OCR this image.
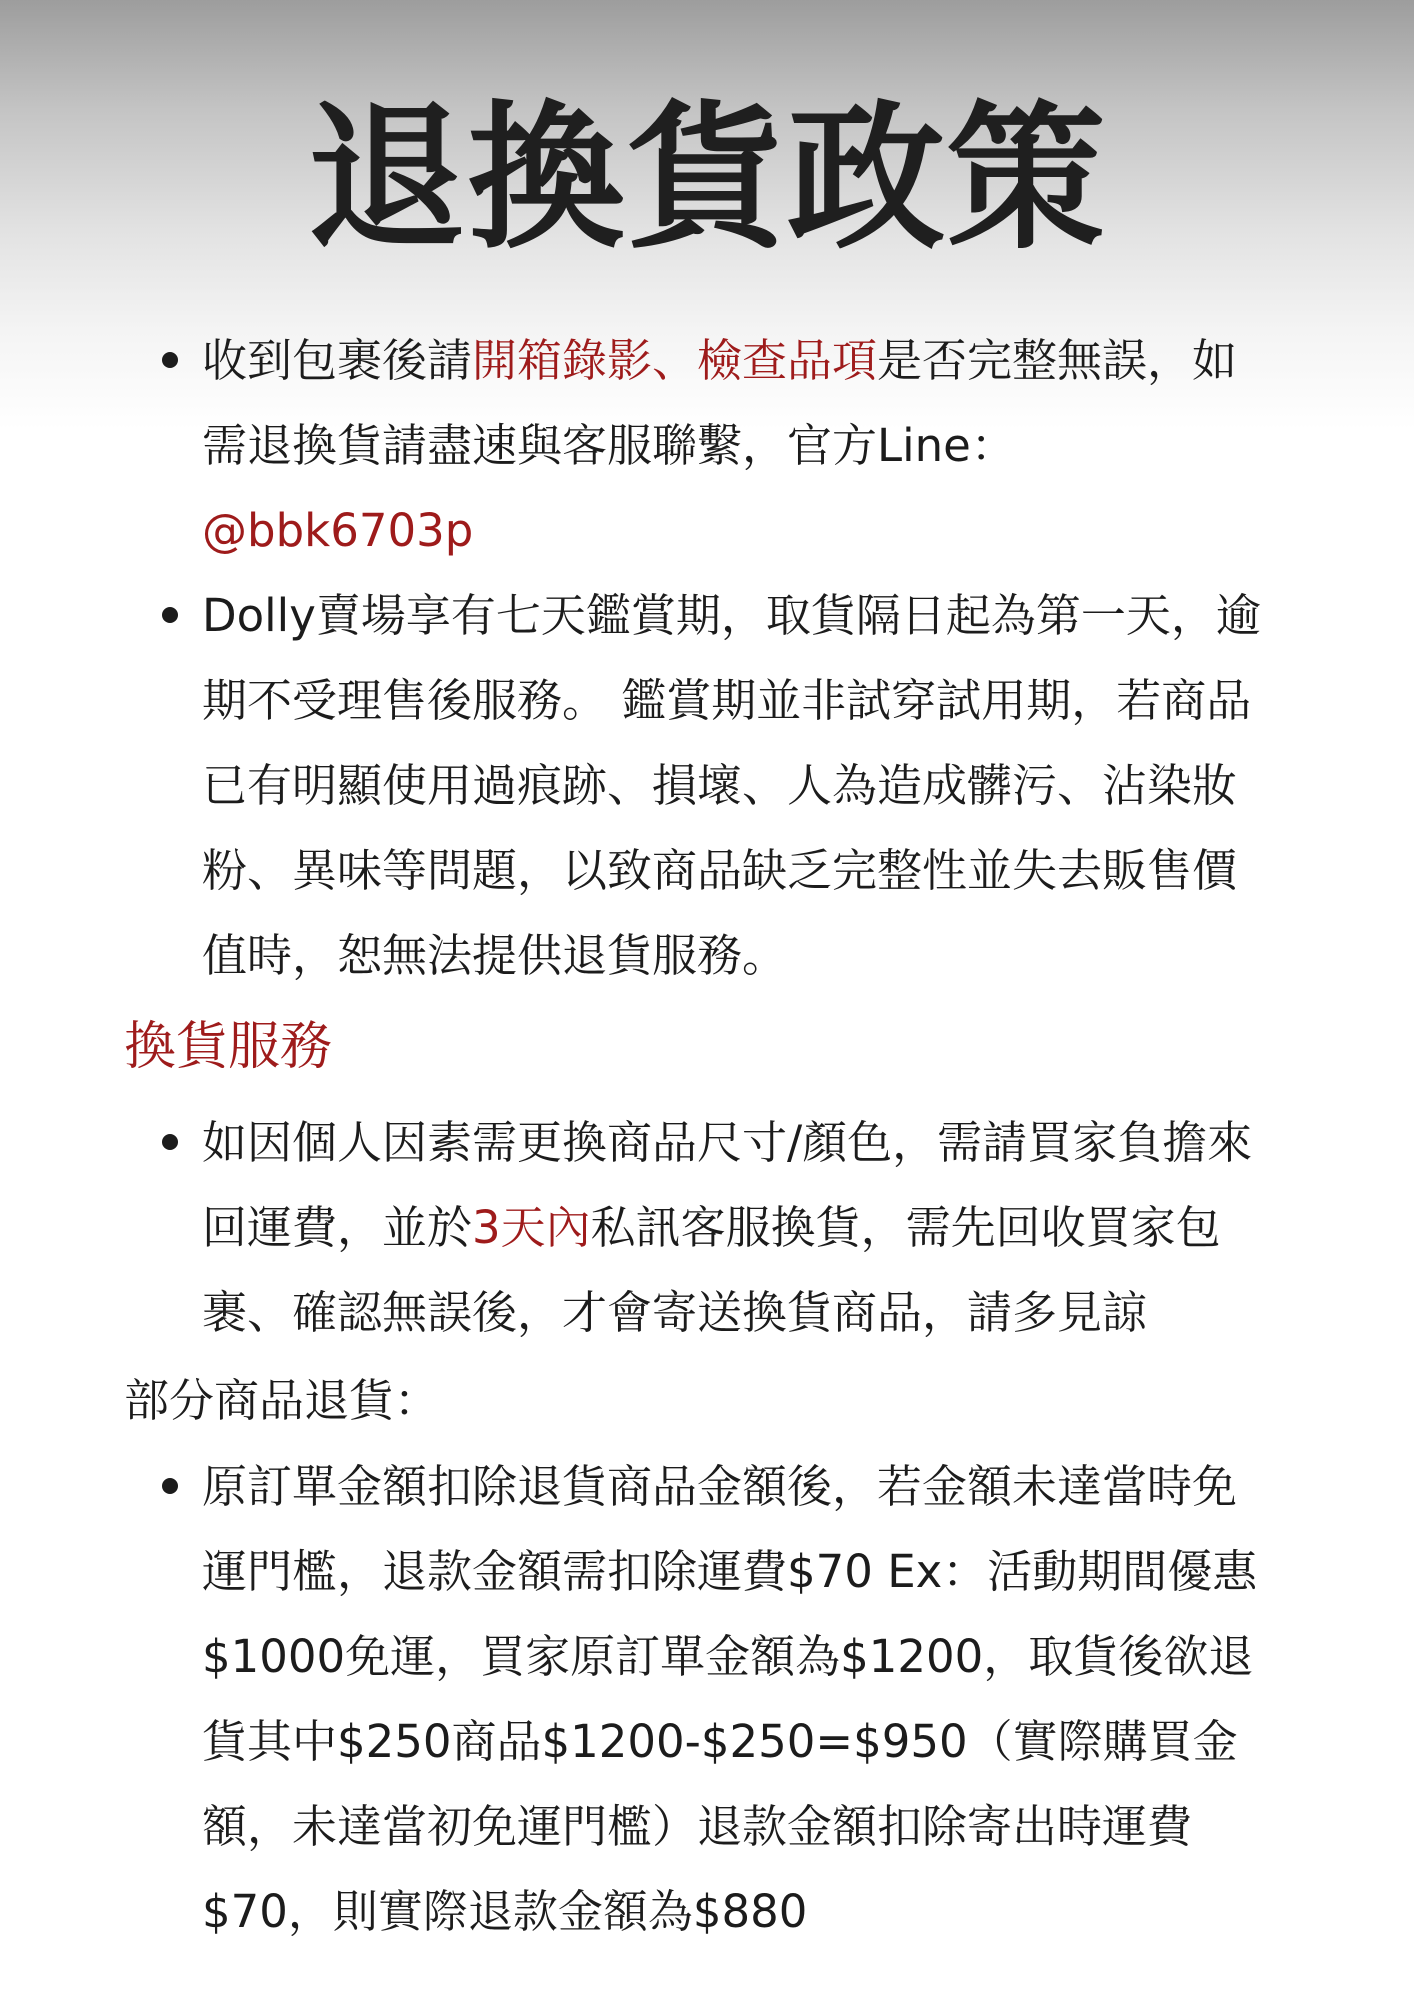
退換貨政策
收到包裹後請開箱錄影、檢查品項是否完整無誤，如
需退換貨請盡速與客服聯繫，官方Line：
@bbk6703p
Dolly賣場享有七天鑑賞期，取貨隔日起為第一天，逾
期不受理售後服務。 鑑賞期並非試穿試用期，若商品
已有明顯使用過痕跡、損壞、人為造成髒污、沾染妝
粉、異味等問題，以致商品缺乏完整性並失去販售價
值時，恕無法提供退貨服務。
換貨服務
如因個人因素需更換商品尺寸/顏色，需請買家負擔來
回運費，並於3天內私訊客服換貨，需先回收買家包
裹、確認無誤後，才會寄送換貨商品，請多見諒
部分商品退貨：
原訂單金額扣除退貨商品金額後，若金額未達當時免
運門檻，退款金額需扣除運費$70 Ex：活動期間優惠
$1000免運，買家原訂單金額為$1200，取貨後欲退
貨其中$250商品$1200-$250=$950（實際購買金
額，未達當初免運門檻）退款金額扣除寄出時運費
$70，則實際退款金額為$880
